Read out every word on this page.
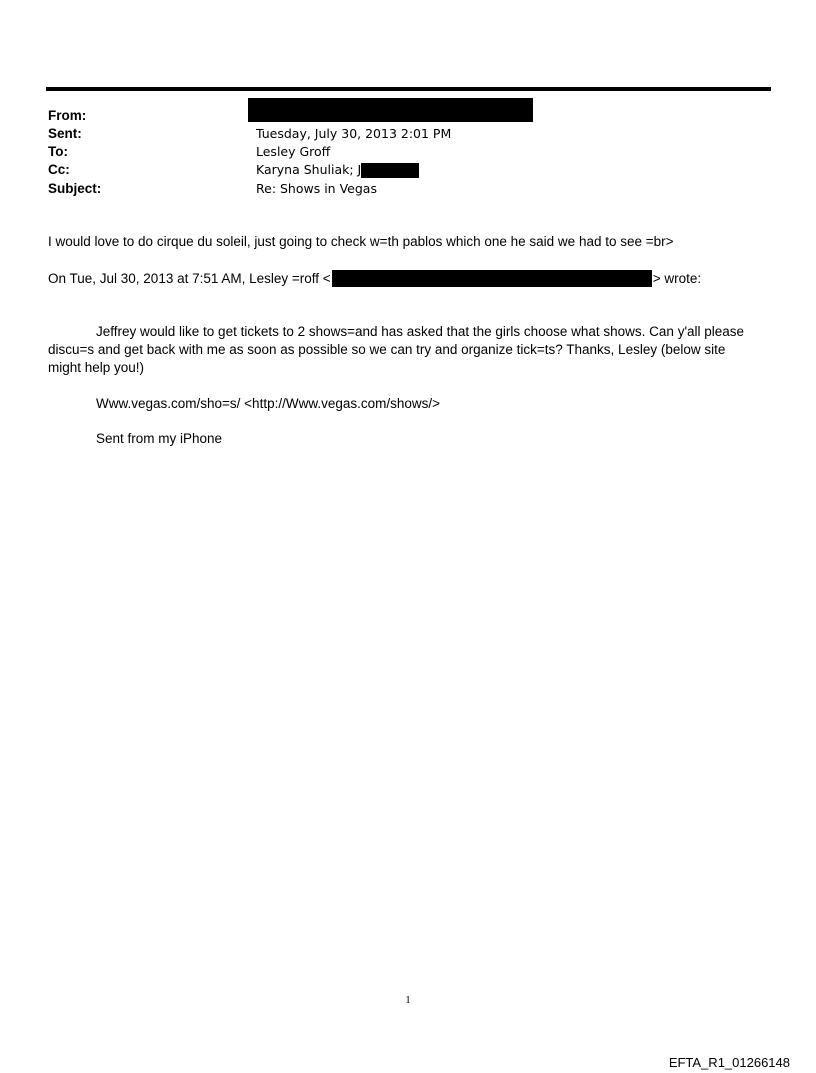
From:
Sent:	Tuesday, July 30, 2013 2:01 PM
To:	Lesley Groff
Cc:	Karyna Shuliak; J
Subject:	Re: Shows in Vegas
I would love to do cirque du soleil, just going to check w=th pablos which one he said we had to see =br>
On Tue, Jul 30, 2013 at 7:51 AM, Lesley =roff <	> wrote:
Jeffrey would like to get tickets to 2 shows=and has asked that the girls choose what shows. Can y'all please discu=s and get back with me as soon as possible so we can try and organize tick=ts? Thanks, Lesley (below site might help you!)
Www.vegas.com/sho=s/ <http://Www.vegas.com/shows/>
Sent from my iPhone
1
EFTA_R1_01266148
